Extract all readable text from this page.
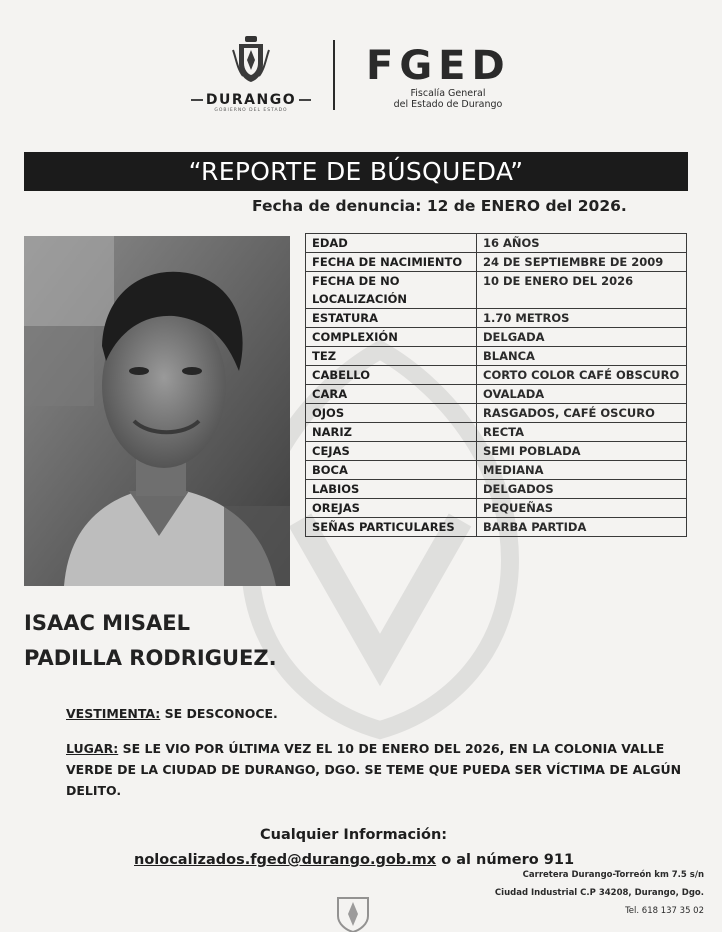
DURANGO
GOBIERNO DEL ESTADO
FGED
Fiscalía General
del Estado de Durango
“REPORTE DE BÚSQUEDA”
Fecha de denuncia: 12 de ENERO del 2026.
EDAD	16 AÑOS
FECHA DE NACIMIENTO	24 DE SEPTIEMBRE DE 2009
FECHA DE NO LOCALIZACIÓN	10 DE ENERO DEL 2026
ESTATURA	1.70 METROS
COMPLEXIÓN	DELGADA
TEZ	BLANCA
CABELLO	CORTO COLOR CAFÉ OBSCURO
CARA	OVALADA
OJOS	RASGADOS, CAFÉ OSCURO
NARIZ	RECTA
CEJAS	SEMI POBLADA
BOCA	MEDIANA
LABIOS	DELGADOS
OREJAS	PEQUEÑAS
SEÑAS PARTICULARES	BARBA PARTIDA
ISAAC MISAEL
PADILLA RODRIGUEZ.
VESTIMENTA: SE DESCONOCE.
LUGAR: SE LE VIO POR ÚLTIMA VEZ EL 10 DE ENERO DEL 2026, EN LA COLONIA VALLE VERDE DE LA CIUDAD DE DURANGO, DGO. SE TEME QUE PUEDA SER VÍCTIMA DE ALGÚN DELITO.
Cualquier Información:
nolocalizados.fged@durango.gob.mx o al número 911
Carretera Durango-Torreón km 7.5 s/n
Ciudad Industrial C.P 34208, Durango, Dgo.
Tel. 618 137 35 02
